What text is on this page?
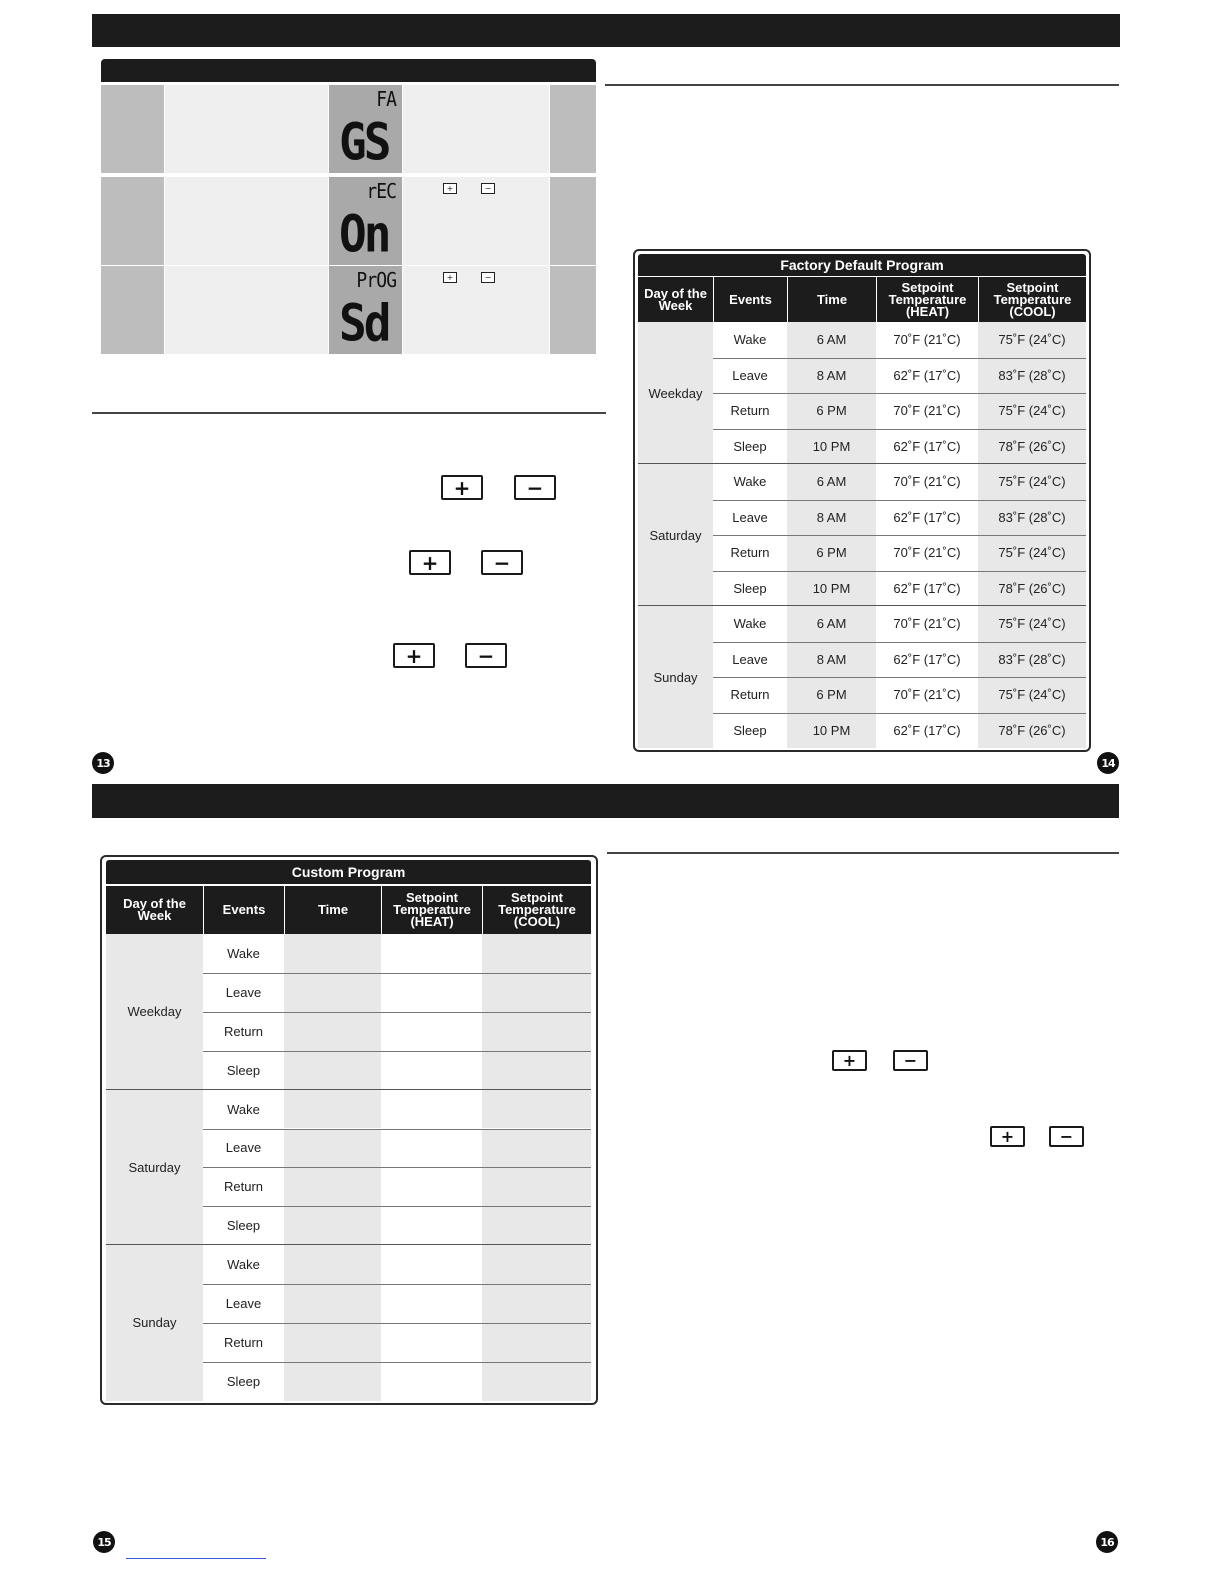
FA
GS
rEC
On
+	−
PrOG
Sd
+	−
+	−
+	−
+	−
Factory Default Program
Day of the Week	Events	Time
Setpoint Temperature (HEAT)
Setpoint Temperature (COOL)
Weekday
Wake	6 AM	70˚F (21˚C)	75˚F (24˚C)
Leave	8 AM	62˚F (17˚C)	83˚F (28˚C)
Return	6 PM	70˚F (21˚C)	75˚F (24˚C)
Sleep	10 PM	62˚F (17˚C)	78˚F (26˚C)
Saturday
Wake	6 AM	70˚F (21˚C)	75˚F (24˚C)
Leave	8 AM	62˚F (17˚C)	83˚F (28˚C)
Return	6 PM	70˚F (21˚C)	75˚F (24˚C)
Sleep	10 PM	62˚F (17˚C)	78˚F (26˚C)
Sunday
Wake	6 AM	70˚F (21˚C)	75˚F (24˚C)
Leave	8 AM	62˚F (17˚C)	83˚F (28˚C)
Return	6 PM	70˚F (21˚C)	75˚F (24˚C)
Sleep	10 PM	62˚F (17˚C)	78˚F (26˚C)
13	14
Custom Program
Day of the Week	Events	Time
Setpoint Temperature (HEAT)
Setpoint Temperature (COOL)
Weekday
Wake
Leave
Return
Sleep
Saturday
Wake
Leave
Return
Sleep
Sunday
Wake
Leave
Return
Sleep
+	−
+	−
15	16
